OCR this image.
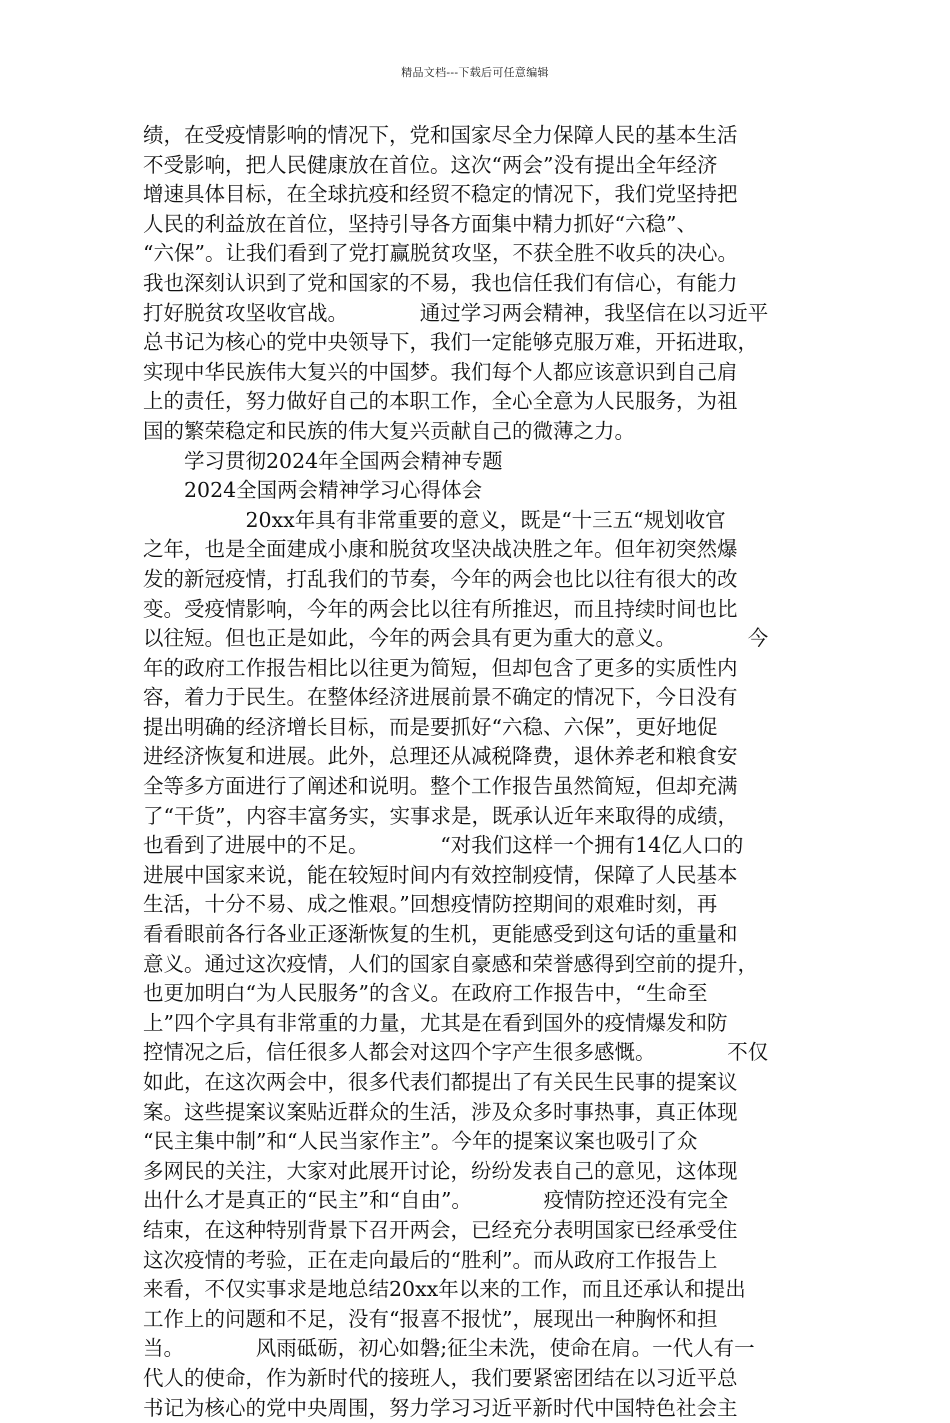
精品文档---下载后可任意编辑
绩，在受疫情影响的情况下，党和国家尽全力保障人民的基本生活
不受影响，把人民健康放在首位。这次“两会”没有提出全年经济
增速具体目标，在全球抗疫和经贸不稳定的情况下，我们党坚持把
人民的利益放在首位，坚持引导各方面集中精力抓好“六稳”、
“六保”。让我们看到了党打赢脱贫攻坚，不获全胜不收兵的决心。
我也深刻认识到了党和国家的不易，我也信任我们有信心，有能力
打好脱贫攻坚收官战。　　　　通过学习两会精神，我坚信在以习近平
总书记为核心的党中央领导下，我们一定能够克服万难，开拓进取，
实现中华民族伟大复兴的中国梦。我们每个人都应该意识到自己肩
上的责任，努力做好自己的本职工作，全心全意为人民服务，为祖
国的繁荣稳定和民族的伟大复兴贡献自己的微薄之力。
　　学习贯彻2024年全国两会精神专题
　　2024全国两会精神学习心得体会
　　　　　20xx年具有非常重要的意义，既是“十三五“规划收官
之年，也是全面建成小康和脱贫攻坚决战决胜之年。但年初突然爆
发的新冠疫情，打乱我们的节奏，今年的两会也比以往有很大的改
变。受疫情影响，今年的两会比以往有所推迟，而且持续时间也比
以往短。但也正是如此，今年的两会具有更为重大的意义。　　　　今
年的政府工作报告相比以往更为简短，但却包含了更多的实质性内
容，着力于民生。在整体经济进展前景不确定的情况下，今日没有
提出明确的经济增长目标，而是要抓好“六稳、六保”，更好地促
进经济恢复和进展。此外，总理还从减税降费，退休养老和粮食安
全等多方面进行了阐述和说明。整个工作报告虽然简短，但却充满
了“干货”，内容丰富务实，实事求是，既承认近年来取得的成绩，
也看到了进展中的不足。　　　　“对我们这样一个拥有14亿人口的
进展中国家来说，能在较短时间内有效控制疫情，保障了人民基本
生活，十分不易、成之惟艰。”回想疫情防控期间的艰难时刻，再
看看眼前各行各业正逐渐恢复的生机，更能感受到这句话的重量和
意义。通过这次疫情，人们的国家自豪感和荣誉感得到空前的提升，
也更加明白“为人民服务”的含义。在政府工作报告中，“生命至
上”四个字具有非常重的力量，尤其是在看到国外的疫情爆发和防
控情况之后，信任很多人都会对这四个字产生很多感慨。　　　　不仅
如此，在这次两会中，很多代表们都提出了有关民生民事的提案议
案。这些提案议案贴近群众的生活，涉及众多时事热事，真正体现
“民主集中制”和“人民当家作主”。今年的提案议案也吸引了众
多网民的关注，大家对此展开讨论，纷纷发表自己的意见，这体现
出什么才是真正的“民主”和“自由”。　　　　疫情防控还没有完全
结束，在这种特别背景下召开两会，已经充分表明国家已经承受住
这次疫情的考验，正在走向最后的“胜利”。而从政府工作报告上
来看，不仅实事求是地总结20xx年以来的工作，而且还承认和提出
工作上的问题和不足，没有“报喜不报忧”，展现出一种胸怀和担
当。　　　　风雨砥砺，初心如磐;征尘未洗，使命在肩。一代人有一
代人的使命，作为新时代的接班人，我们要紧密团结在以习近平总
书记为核心的党中央周围，努力学习习近平新时代中国特色社会主
